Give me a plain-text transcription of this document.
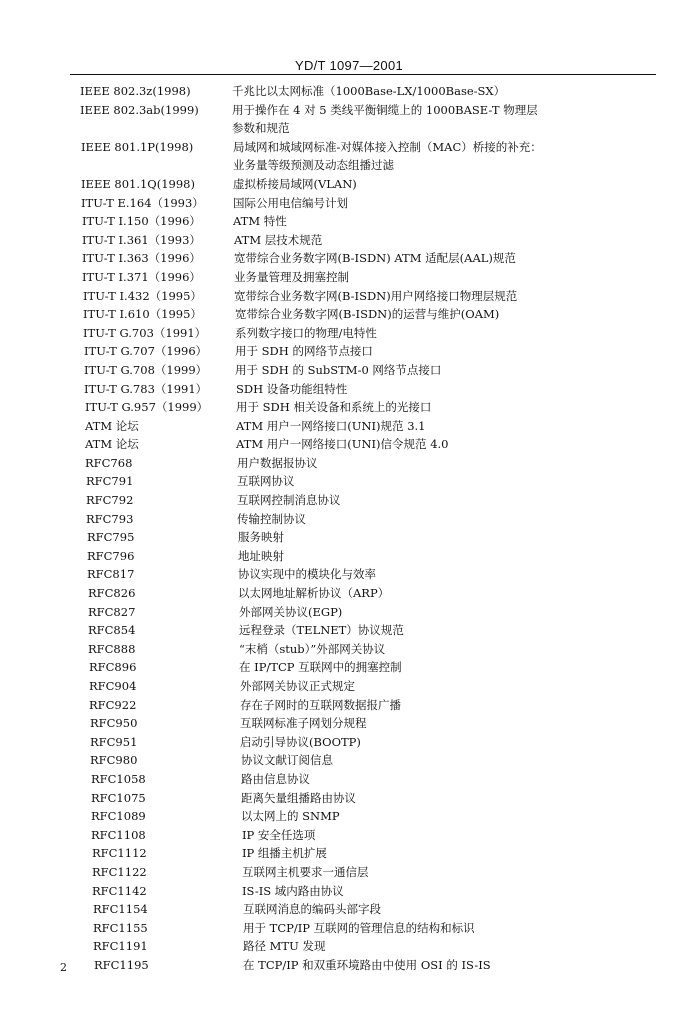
YD/T 1097—2001
IEEE 802.3z(1998)	千兆比以太网标准（1000Base-LX/1000Base-SX）
IEEE 802.3ab(1999)	用于操作在 4 对 5 类线平衡铜缆上的 1000BASE-T 物理层
参数和规范
IEEE 801.1P(1998)	局域网和城域网标准-对媒体接入控制（MAC）桥接的补充：
业务量等级预测及动态组播过滤
IEEE 801.1Q(1998)	虚拟桥接局域网(VLAN)
ITU-T E.164（1993）	国际公用电信编号计划
ITU-T I.150（1996）	ATM 特性
ITU-T I.361（1993）	ATM 层技术规范
ITU-T I.363（1996）	宽带综合业务数字网(B-ISDN) ATM 适配层(AAL)规范
ITU-T I.371（1996）	业务量管理及拥塞控制
ITU-T I.432（1995）	宽带综合业务数字网(B-ISDN)用户网络接口物理层规范
ITU-T I.610（1995）	宽带综合业务数字网(B-ISDN)的运营与维护(OAM)
ITU-T G.703（1991）	系列数字接口的物理/电特性
ITU-T G.707（1996） 用于 SDH 的网络节点接口
ITU-T G.708（1999） 用于 SDH 的 SubSTM-0 网络节点接口
ITU-T G.783（1991）	SDH 设备功能组特性
ITU-T G.957（1999） 用于 SDH 相关设备和系统上的光接口
ATM 论坛	ATM 用户一网络接口(UNI)规范 3.1
ATM 论坛	ATM 用户一网络接口(UNI)信令规范 4.0
RFC768	用户数据报协议
RFC791	互联网协议
RFC792	互联网控制消息协议
RFC793	传输控制协议
RFC795	服务映射
RFC796	地址映射
RFC817	协议实现中的模块化与效率
RFC826	以太网地址解析协议（ARP）
RFC827	外部网关协议(EGP)
RFC854	远程登录（TELNET）协议规范
RFC888	“末梢（stub）”外部网关协议
RFC896	在 IP/TCP 互联网中的拥塞控制
RFC904	外部网关协议正式规定
RFC922	存在子网时的互联网数据报广播
RFC950	互联网标准子网划分规程
RFC951	启动引导协议(BOOTP)
RFC980	协议文献订阅信息
RFC1058	路由信息协议
RFC1075	距离矢量组播路由协议
RFC1089	以太网上的 SNMP
RFC1108	IP 安全任选项
RFC1112	IP 组播主机扩展
RFC1122	互联网主机要求一通信层
RFC1142	IS-IS 域内路由协议
RFC1154	互联网消息的编码头部字段
RFC1155	用于 TCP/IP 互联网的管理信息的结构和标识
RFC1191	路径 MTU 发现
RFC1195	在 TCP/IP 和双重环境路由中使用 OSI 的 IS-IS
2
